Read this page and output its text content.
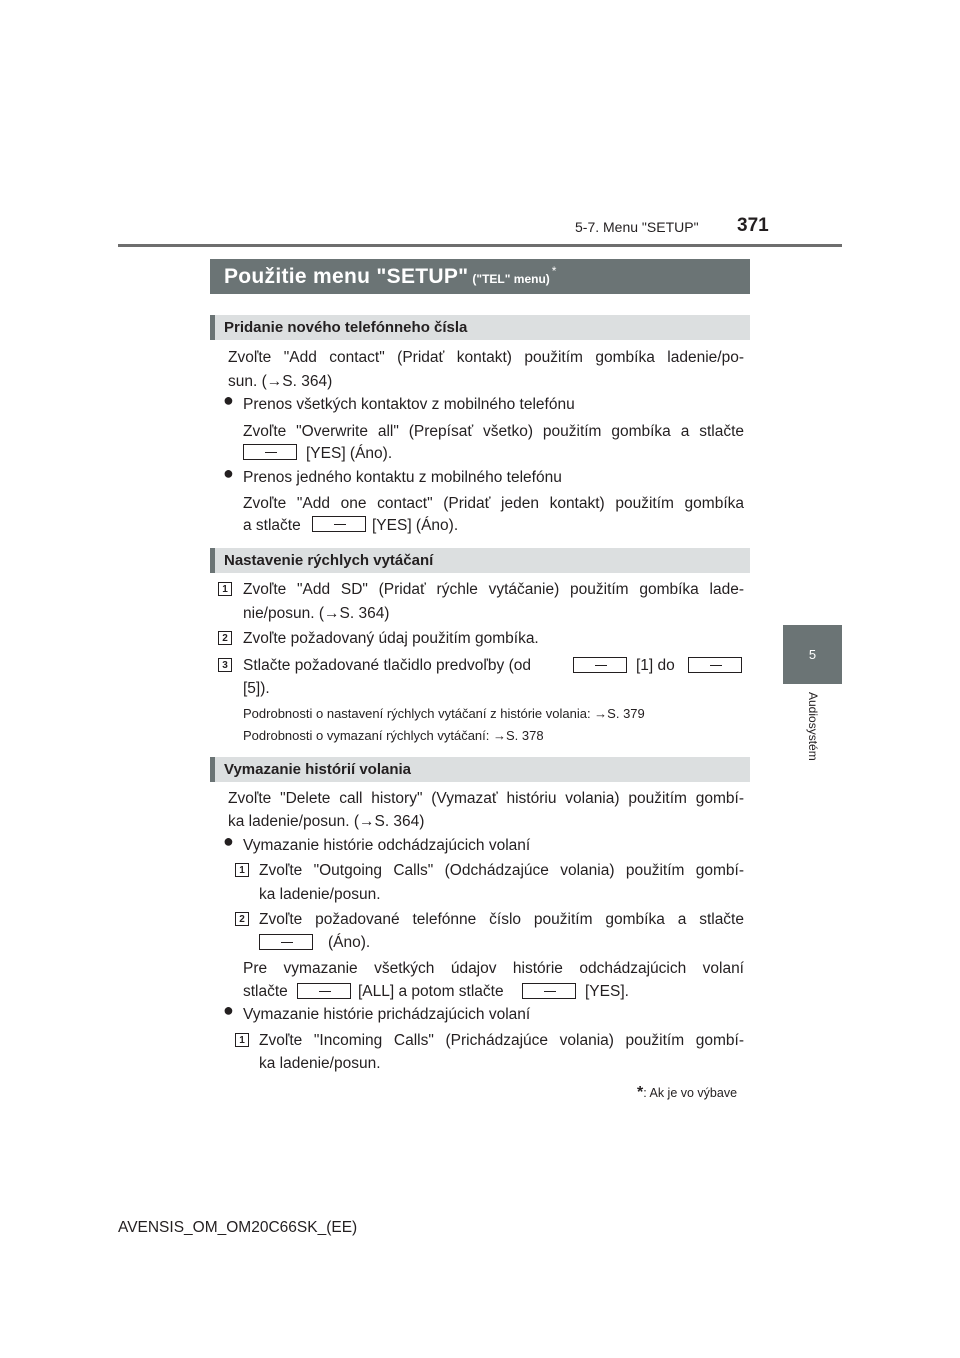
5-7. Menu "SETUP" 371
5
Audiosystém
Použitie menu "SETUP" ("TEL" menu)
*
Pridanie nového telefónneho čísla
Zvoľte "Add contact" (Pridať kontakt) použitím gombíka ladenie/po-
sun. (→S. 364)
● Prenos všetkých kontaktov z mobilného telefónu
Zvoľte "Overwrite all" (Prepísať všetko) použitím gombíka a stlačte
[YES] (Áno).
● Prenos jedného kontaktu z mobilného telefónu
Zvoľte "Add one contact" (Pridať jeden kontakt) použitím gombíka
a stlačte	[YES] (Áno).
Nastavenie rýchlych vytáčaní
1 Zvoľte "Add SD" (Pridať rýchle vytáčanie) použitím gombíka lade-
nie/posun. (→S. 364)
2 Zvoľte požadovaný údaj použitím gombíka.
3 Stlačte požadované tlačidlo predvoľby (od	[1] do
[5]).
Podrobnosti o nastavení rýchlych vytáčaní z histórie volania: →S. 379
Podrobnosti o vymazaní rýchlych vytáčaní: →S. 378
Vymazanie histórií volania
Zvoľte "Delete call history" (Vymazať históriu volania) použitím gombí-
ka ladenie/posun. (→S. 364)
● Vymazanie histórie odchádzajúcich volaní
1 Zvoľte "Outgoing Calls" (Odchádzajúce volania) použitím gombí-
ka ladenie/posun.
2 Zvoľte požadované telefónne číslo použitím gombíka a stlačte
(Áno).
Pre vymazanie všetkých údajov histórie odchádzajúcich volaní
stlačte	[ALL] a potom stlačte	[YES].
● Vymazanie histórie prichádzajúcich volaní
1 Zvoľte "Incoming Calls" (Prichádzajúce volania) použitím gombí-
ka ladenie/posun.
*: Ak je vo výbave
AVENSIS_OM_OM20C66SK_(EE)
